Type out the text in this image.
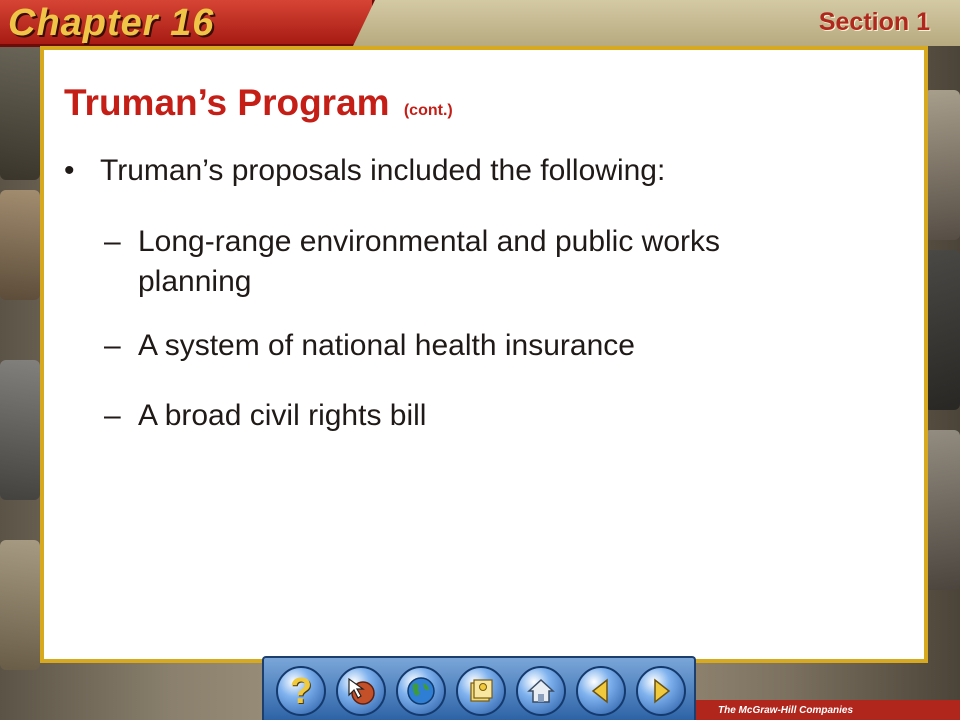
Chapter 16	Section 1
Truman’s Program (cont.)
• Truman’s proposals included the following:
– Long-range environmental and public works planning
– A system of national health insurance
– A broad civil rights bill
?	The McGraw-Hill Companies
